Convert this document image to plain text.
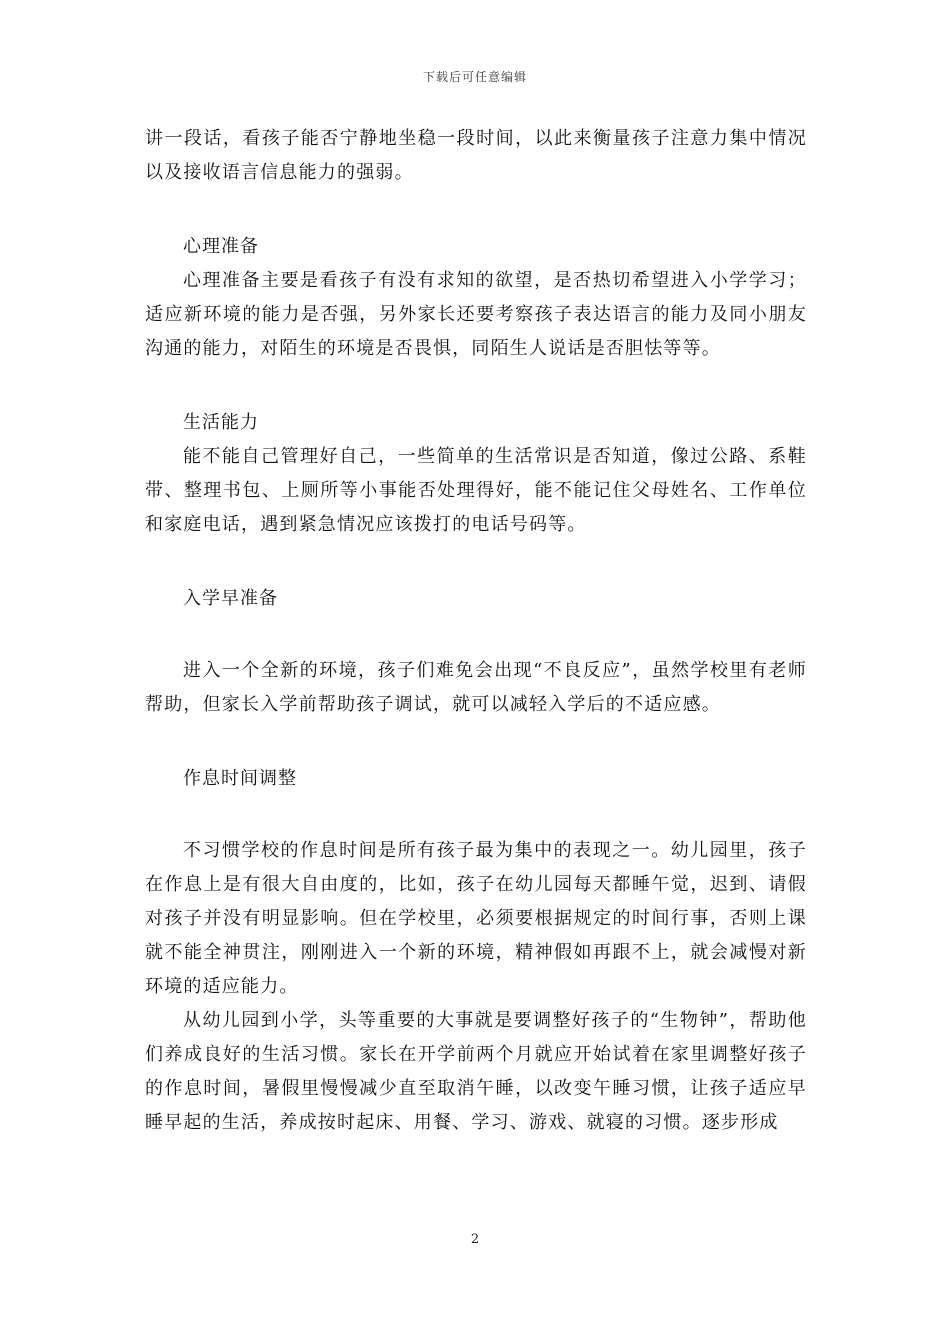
下载后可任意编辑

讲一段话，看孩子能否宁静地坐稳一段时间，以此来衡量孩子注意力集中情况以及接收语言信息能力的强弱。

心理准备

心理准备主要是看孩子有没有求知的欲望，是否热切希望进入小学学习；适应新环境的能力是否强，另外家长还要考察孩子表达语言的能力及同小朋友沟通的能力，对陌生的环境是否畏惧，同陌生人说话是否胆怯等等。

生活能力

能不能自己管理好自己，一些简单的生活常识是否知道，像过公路、系鞋带、整理书包、上厕所等小事能否处理得好，能不能记住父母姓名、工作单位和家庭电话，遇到紧急情况应该拨打的电话号码等。

入学早准备

进入一个全新的环境，孩子们难免会出现“不良反应”，虽然学校里有老师帮助，但家长入学前帮助孩子调试，就可以减轻入学后的不适应感。

作息时间调整

不习惯学校的作息时间是所有孩子最为集中的表现之一。幼儿园里，孩子在作息上是有很大自由度的，比如，孩子在幼儿园每天都睡午觉，迟到、请假对孩子并没有明显影响。但在学校里，必须要根据规定的时间行事，否则上课就不能全神贯注，刚刚进入一个新的环境，精神假如再跟不上，就会减慢对新环境的适应能力。

从幼儿园到小学，头等重要的大事就是要调整好孩子的“生物钟”，帮助他们养成良好的生活习惯。家长在开学前两个月就应开始试着在家里调整好孩子的作息时间，暑假里慢慢减少直至取消午睡，以改变午睡习惯，让孩子适应早睡早起的生活，养成按时起床、用餐、学习、游戏、就寝的习惯。逐步形成

2
